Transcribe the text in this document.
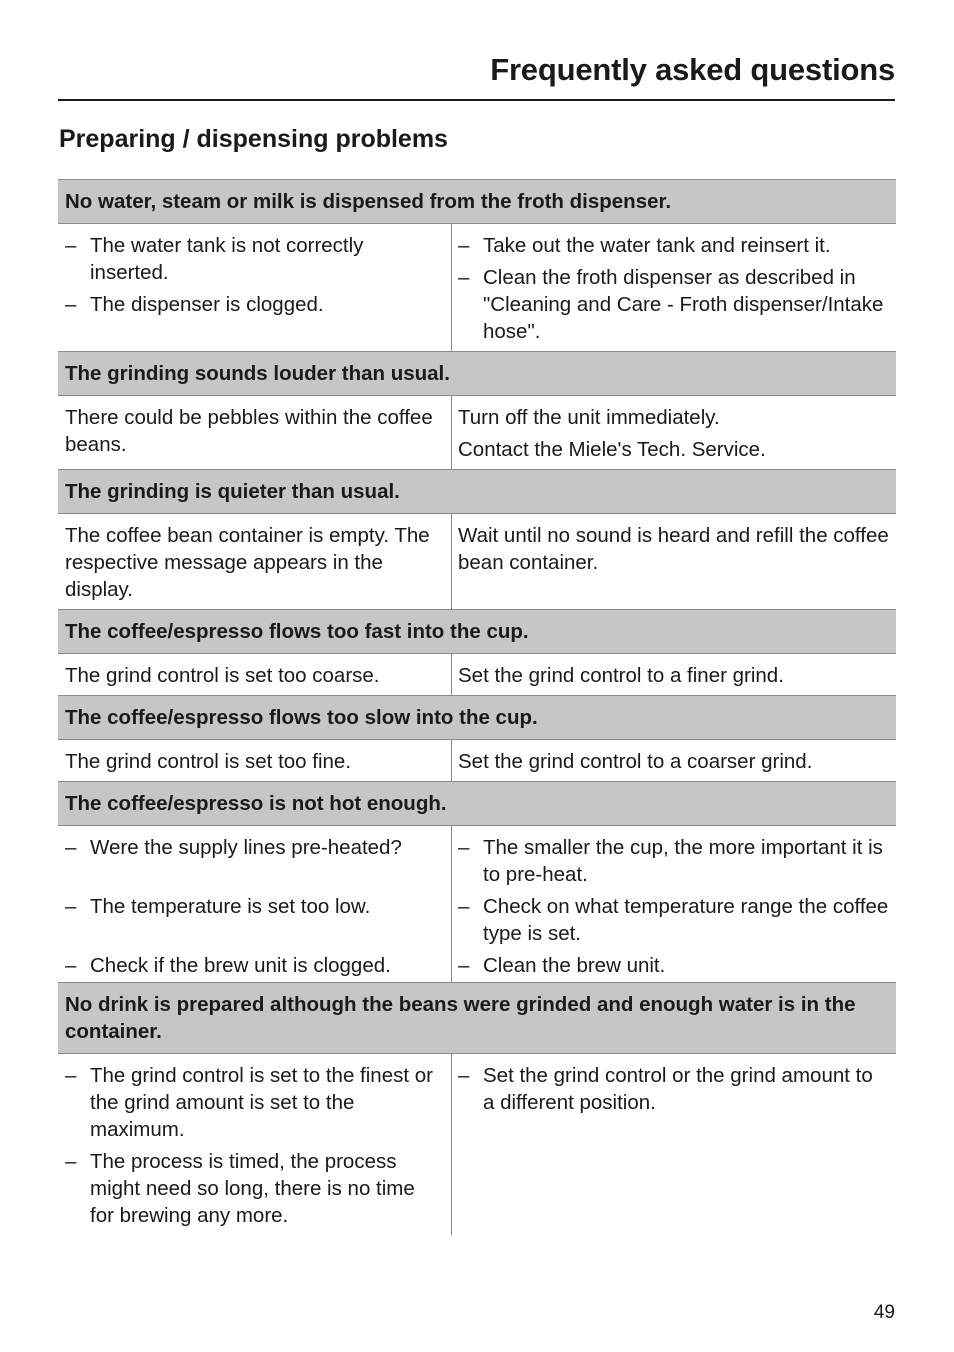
Frequently asked questions
Preparing / dispensing problems
No water, steam or milk is dispensed from the froth dispenser.

– The water tank is not correctly inserted.

– The dispenser is clogged.

– Take out the water tank and reinsert it.

– Clean the froth dispenser as described in "Cleaning and Care - Froth dispenser/Intake hose".

The grinding sounds louder than usual.

There could be pebbles within the coffee beans.

Turn off the unit immediately.

Contact the Miele's Tech. Service.

The grinding is quieter than usual.

The coffee bean container is empty. The respective message appears in the display.

Wait until no sound is heard and refill the coffee bean container.

The coffee/espresso flows too fast into the cup.

The grind control is set too coarse.	Set the grind control to a finer grind.

The coffee/espresso flows too slow into the cup.

The grind control is set too fine.	Set the grind control to a coarser grind.

The coffee/espresso is not hot enough.

– Were the supply lines pre-heated?

– The temperature is set too low.

– Check if the brew unit is clogged.

– The smaller the cup, the more important it is to pre-heat.

– Check on what temperature range the coffee type is set.

– Clean the brew unit.

No drink is prepared although the beans were grinded and enough water is in the container.

– The grind control is set to the finest or the grind amount is set to the maximum.

– The process is timed, the process might need so long, there is no time for brewing any more.

– Set the grind control or the grind amount to a different position.

49
